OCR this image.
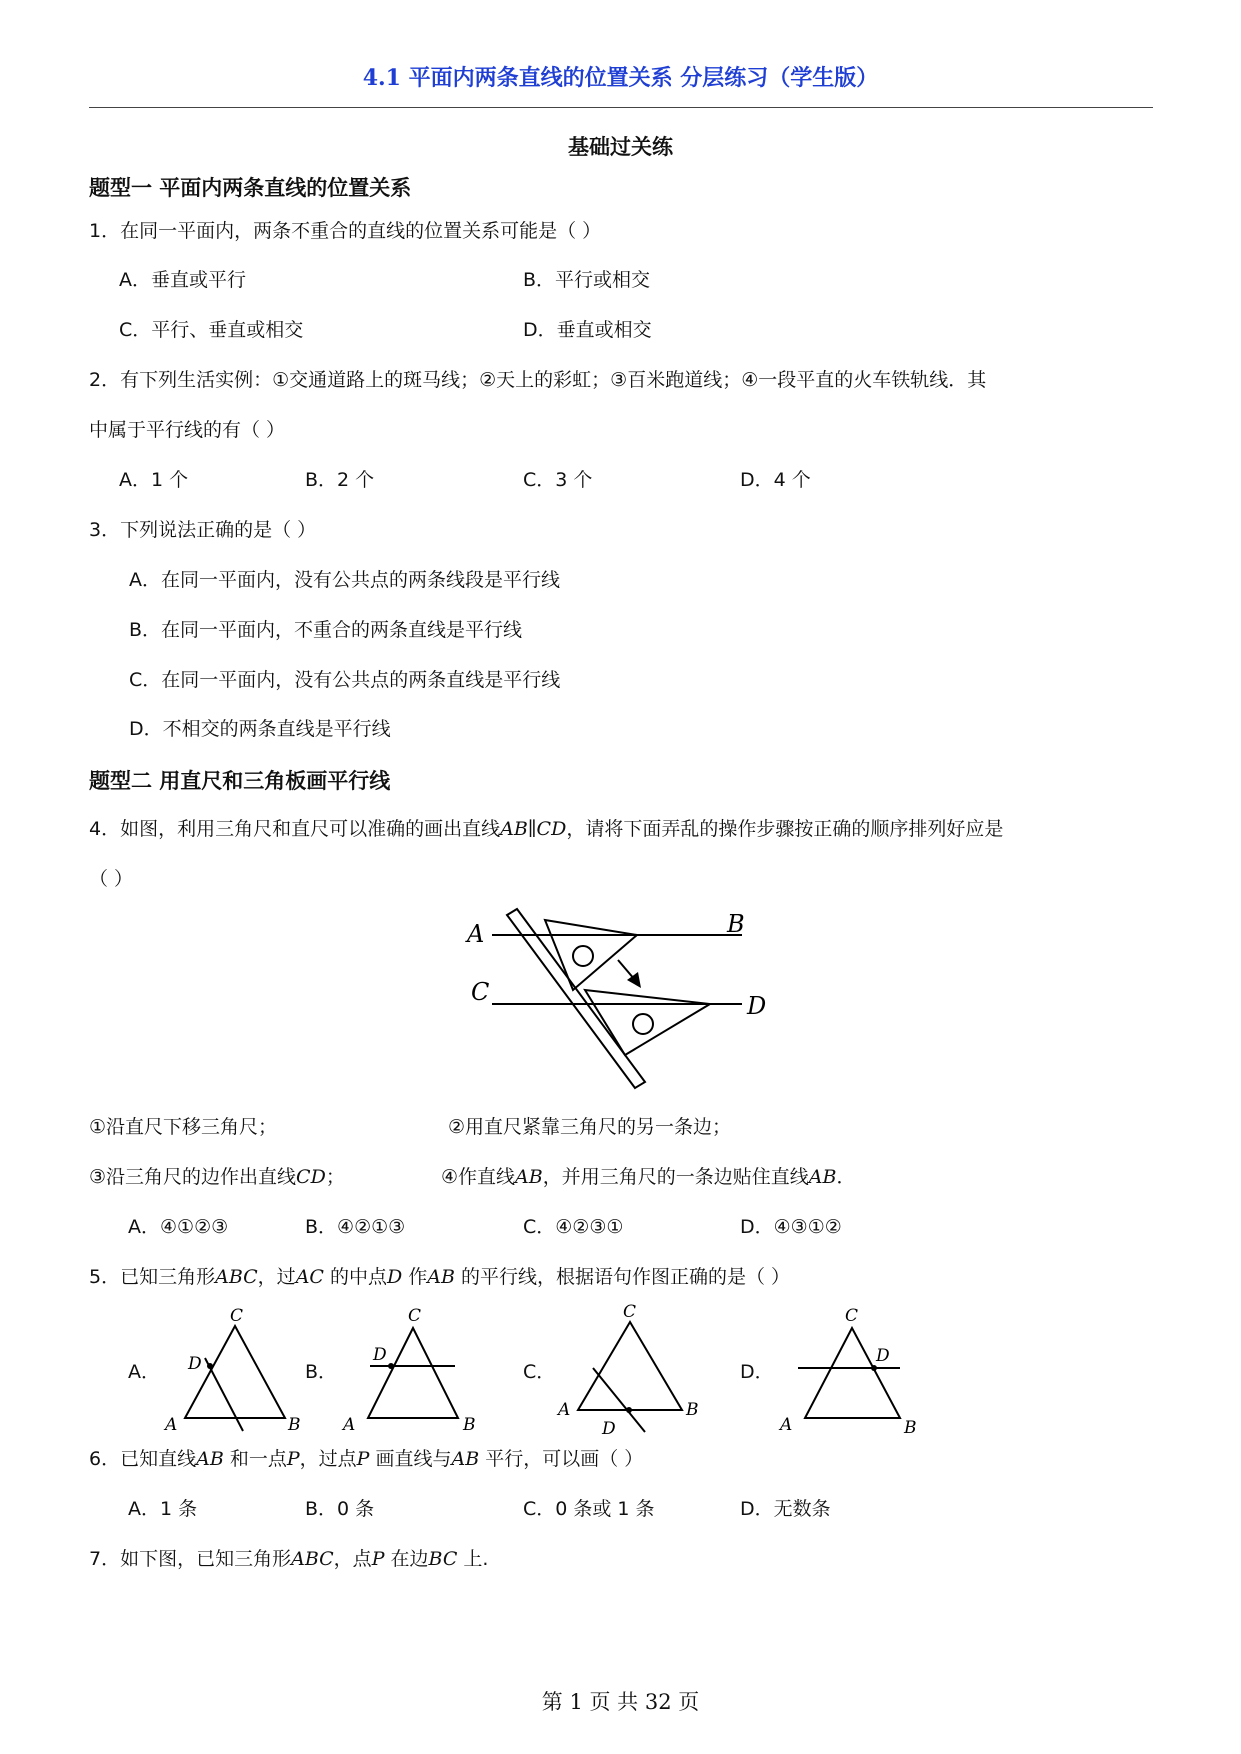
4.1 平面内两条直线的位置关系 分层练习（学生版）
基础过关练
题型一 平面内两条直线的位置关系
1．在同一平面内，两条不重合的直线的位置关系可能是（ ）
A．垂直或平行	B．平行或相交
C．平行、垂直或相交	D．垂直或相交
2．有下列生活实例：①交通道路上的斑马线；②天上的彩虹；③百米跑道线；④一段平直的火车铁轨线．其
中属于平行线的有（ ）
A．1 个	B．2 个	C．3 个	D．4 个
3．下列说法正确的是（ ）
A．在同一平面内，没有公共点的两条线段是平行线
B．在同一平面内，不重合的两条直线是平行线
C．在同一平面内，没有公共点的两条直线是平行线
D．不相交的两条直线是平行线
题型二 用直尺和三角板画平行线
4．如图，利用三角尺和直尺可以准确的画出直线AB∥CD，请将下面弄乱的操作步骤按正确的顺序排列好应是
（ ）
A	B
C	D
①沿直尺下移三角尺；	②用直尺紧靠三角尺的另一条边；
③沿三角尺的边作出直线CD；	④作直线AB，并用三角尺的一条边贴住直线AB．
A．④①②③	B．④②①③	C．④②③①	D．④③①②
5．已知三角形ABC，过AC 的中点D 作AB 的平行线，根据语句作图正确的是（ ）
A．
C
D
A	B
B．
C
D
A	B
C．
C
A	B
D
D．
C
D
A	B
6．已知直线AB 和一点P，过点P 画直线与AB 平行，可以画（ ）
A．1 条	B．0 条	C．0 条或 1 条	D．无数条
7．如下图，已知三角形ABC，点P 在边BC 上.
第 1 页 共 32 页
